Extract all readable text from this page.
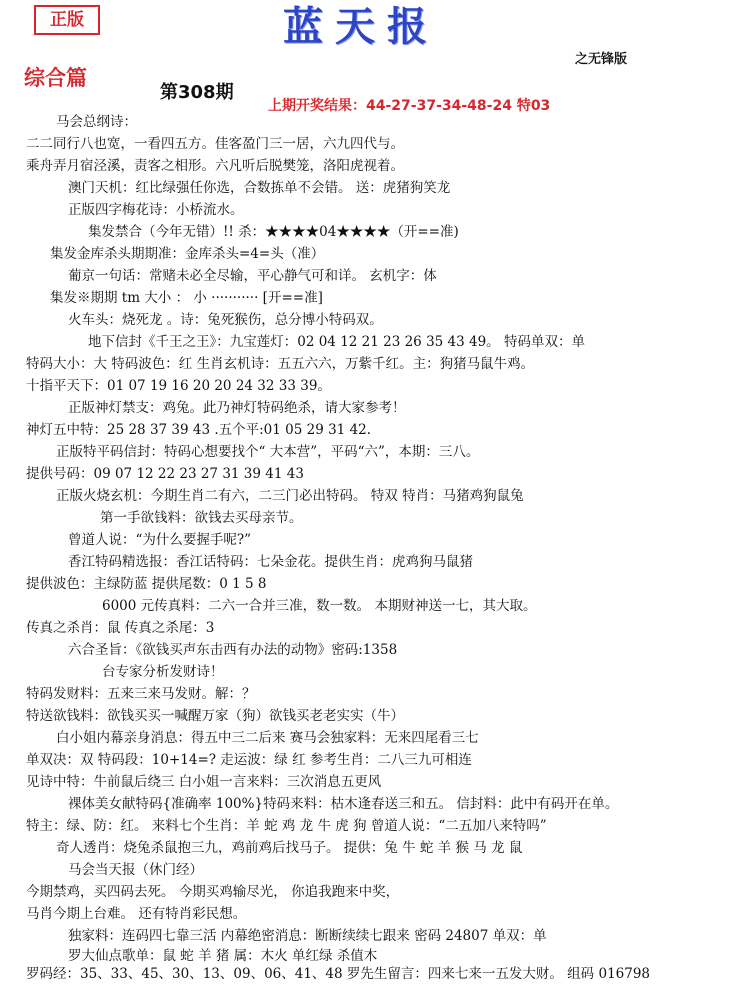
正版	蓝天报
之无锋版
综合篇
第308期
上期开奖结果：44-27-37-34-48-24 特03
马会总纲诗：
二二同行八也宽，一看四五方。佳客盈门三一居，六九四代与。
乘舟弄月宿泾溪，责客之相形。六凡听后脱樊笼，洛阳虎视着。
澳门天机：红比绿强任你选，合数拣单不会错。 送：虎猪狗笑龙
正版四字梅花诗：小桥流水。
集发禁合（今年无错）!! 杀：★★★★04★★★★（开==准)
集发金库杀头期期准：金库杀头=4=头（准）
葡京一句话：常赌未必全尽输，平心静气可和详。 玄机字：体
集发※期期 tm 大小 ： 小 ··········· [开==准]
火车头：烧死龙 。诗：兔死猴伤，总分博小特码双。
地下信封《千王之王》：九宝莲灯：02 04 12 21 23 26 35 43 49。 特码单双：单
特码大小：大 特码波色：红 生肖玄机诗：五五六六，万紫千红。主：狗猪马鼠牛鸡。
十指平天下：01 07 19 16 20 20 24 32 33 39。
正版神灯禁支：鸡兔。此乃神灯特码绝杀，请大家参考！
神灯五中特：25 28 37 39 43 .五个平:01 05 29 31 42.
正版特平码信封：特码心想要找个“ 大本营”，平码“六”，本期：三八。
提供号码：09 07 12 22 23 27 31 39 41 43
正版火烧玄机：今期生肖二有六，二三门必出特码。 特双 特肖：马猪鸡狗鼠兔
第一手欲钱料：欲钱去买母亲节。
曾道人说：“为什么要握手呢?”
香江特码精选报：香江话特码：七朵金花。提供生肖：虎鸡狗马鼠猪
提供波色：主绿防蓝 提供尾数：0 1 5 8
6000 元传真料：二六一合并三准，数一数。 本期财神送一七，其大取。
传真之杀肖：鼠 传真之杀尾：3
六合圣旨：《欲钱买声东击西有办法的动物》密码:1358
台专家分析发财诗！
特码发财料：五来三来马发财。解：？
特送欲钱料：欲钱买买一喊醒万家（狗）欲钱买老老实实（牛）
白小姐内幕亲身消息：得五中三二后来 赛马会独家料：无来四尾看三七
单双决：双 特码段：10+14=? 走运波：绿 红 参考生肖：二八三九可相连
见诗中特：牛前鼠后绕三 白小姐一言来料：三次消息五更风
裸体美女献特码{准确率 100%}特码来料：枯木逢春送三和五。 信封料：此中有码开在单。
特主：绿、防：红。 来料七个生肖：羊 蛇 鸡 龙 牛 虎 狗 曾道人说：“二五加八来特吗”
奇人透肖：烧兔杀鼠抱三九，鸡前鸡后找马子。 提供：兔 牛 蛇 羊 猴 马 龙 鼠
马会当天报（休门经）
今期禁鸡，买四码去死。 今期买鸡输尽光， 你追我跑来中奖，
马肖今期上台难。 还有特肖彩民想。
独家料：连码四七靠三活 内幕绝密消息：断断续续七跟来 密码 24807 单双：单
罗大仙点歌单：鼠 蛇 羊 猪 属：木火 单红绿 杀值木
罗码经：35、33、45、30、13、09、06、41、48 罗先生留言：四来七来一五发大财。 组码 016798
